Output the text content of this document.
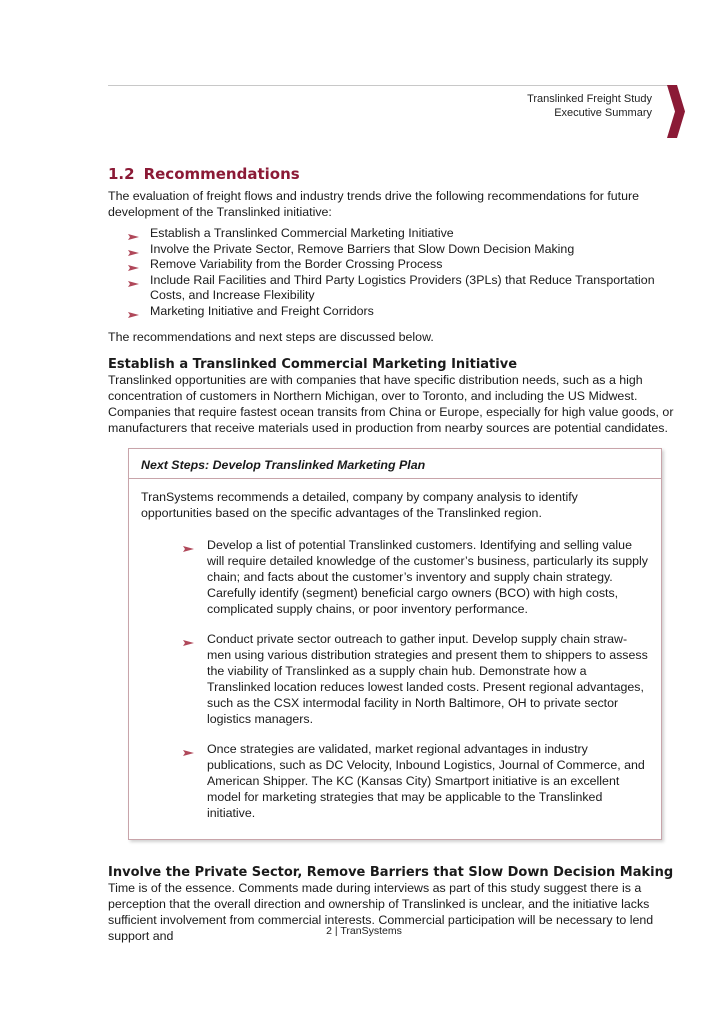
Translinked Freight Study
Executive Summary
1.2 Recommendations

The evaluation of freight flows and industry trends drive the following recommendations for future development of the Translinked initiative:

Establish a Translinked Commercial Marketing Initiative
Involve the Private Sector, Remove Barriers that Slow Down Decision Making
Remove Variability from the Border Crossing Process
Include Rail Facilities and Third Party Logistics Providers (3PLs) that Reduce Transportation Costs, and Increase Flexibility
Marketing Initiative and Freight Corridors

The recommendations and next steps are discussed below.

Establish a Translinked Commercial Marketing Initiative

Translinked opportunities are with companies that have specific distribution needs, such as a high concentration of customers in Northern Michigan, over to Toronto, and including the US Midwest. Companies that require fastest ocean transits from China or Europe, especially for high value goods, or manufacturers that receive materials used in production from nearby sources are potential candidates.

Next Steps: Develop Translinked Marketing Plan

TranSystems recommends a detailed, company by company analysis to identify opportunities based on the specific advantages of the Translinked region.

Develop a list of potential Translinked customers. Identifying and selling value will require detailed knowledge of the customer’s business, particularly its supply chain; and facts about the customer’s inventory and supply chain strategy. Carefully identify (segment) beneficial cargo owners (BCO) with high costs, complicated supply chains, or poor inventory performance.
Conduct private sector outreach to gather input. Develop supply chain straw-men using various distribution strategies and present them to shippers to assess the viability of Translinked as a supply chain hub. Demonstrate how a Translinked location reduces lowest landed costs. Present regional advantages, such as the CSX intermodal facility in North Baltimore, OH to private sector logistics managers.
Once strategies are validated, market regional advantages in industry publications, such as DC Velocity, Inbound Logistics, Journal of Commerce, and American Shipper. The KC (Kansas City) Smartport initiative is an excellent model for marketing strategies that may be applicable to the Translinked initiative.
Involve the Private Sector, Remove Barriers that Slow Down Decision Making

Time is of the essence. Comments made during interviews as part of this study suggest there is a perception that the overall direction and ownership of Translinked is unclear, and the initiative lacks sufficient involvement from commercial interests. Commercial participation will be necessary to lend support and	2 | TranSystems
